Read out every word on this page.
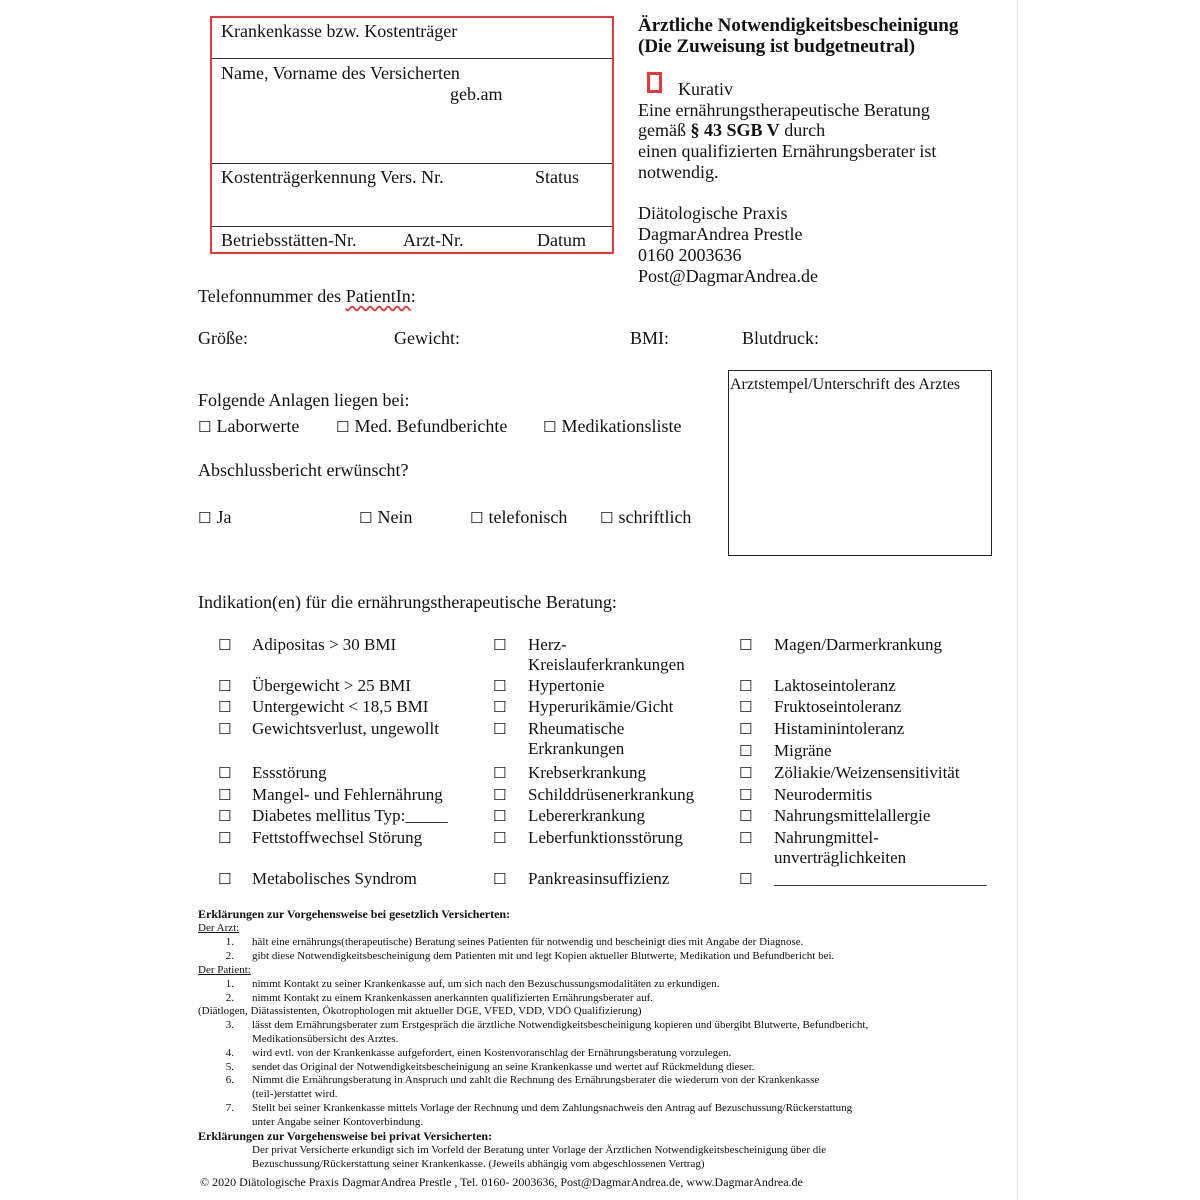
Krankenkasse bzw. Kostenträger
Name, Vorname des Versicherten
geb.am
Kostenträgerkennung Vers. Nr.	Status
Betriebsstätten-Nr.	Arzt-Nr.	Datum
Ärztliche Notwendigkeitsbescheinigung
(Die Zuweisung ist budgetneutral)
Kurativ
Eine ernährungstherapeutische Beratung
gemäß § 43 SGB V durch
einen qualifizierten Ernährungsberater ist
notwendig.
Diätologische Praxis
DagmarAndrea Prestle
0160 2003636
Post@DagmarAndrea.de
Telefonnummer des PatientIn:
Größe:	Gewicht:	BMI:	Blutdruck:
Arztstempel/Unterschrift des Arztes
Folgende Anlagen liegen bei:
☐ Laborwerte ☐ Med. Befundberichte ☐ Medikationsliste
Abschlussbericht erwünscht?
☐ Ja	☐ Nein	☐ telefonisch ☐ schriftlich
Indikation(en) für die ernährungstherapeutische Beratung:
☐ Adipositas > 30 BMI
☐ Übergewicht > 25 BMI
☐ Untergewicht < 18,5 BMI
☐ Gewichtsverlust, ungewollt
☐ Essstörung
☐ Mangel- und Fehlernährung
☐ Diabetes mellitus Typ:_____
☐ Fettstoffwechsel Störung
☐ Metabolisches Syndrom
☐ Herz-
Kreislauferkrankungen
☐ Hypertonie
☐ Hyperurikämie/Gicht
☐ Rheumatische
Erkrankungen
☐ Krebserkrankung
☐ Schilddrüsenerkrankung
☐ Lebererkrankung
☐ Leberfunktionsstörung
☐ Pankreasinsuffizienz
☐ Magen/Darmerkrankung
☐ Laktoseintoleranz
☐ Fruktoseintoleranz
☐ Histaminintoleranz
☐ Migräne
☐ Zöliakie/Weizensensitivität
☐ Neurodermitis
☐ Nahrungsmittelallergie
☐ Nahrungmittel-
unverträglichkeiten
☐ _________________________
Erklärungen zur Vorgehensweise bei gesetzlich Versicherten:
Der Arzt:
1. hält eine ernährungs(therapeutische) Beratung seines Patienten für notwendig und bescheinigt dies mit Angabe der Diagnose.
2. gibt diese Notwendigkeitsbescheinigung dem Patienten mit und legt Kopien aktueller Blutwerte, Medikation und Befundbericht bei.
Der Patient:
1. nimmt Kontakt zu seiner Krankenkasse auf, um sich nach den Bezuschussungsmodalitäten zu erkundigen.
2. nimmt Kontakt zu einem Krankenkassen anerkannten qualifizierten Ernährungsberater auf.
(Diätlogen, Diätassistenten, Ökotrophologen mit aktueller DGE, VFED, VDD, VDÖ Qualifizierung)
3. lässt dem Ernährungsberater zum Erstgespräch die ärztliche Notwendigkeitsbescheinigung kopieren und übergibt Blutwerte, Befundbericht,
Medikationsübersicht des Arztes.
4. wird evtl. von der Krankenkasse aufgefordert, einen Kostenvoranschlag der Ernährungsberatung vorzulegen.
5. sendet das Original der Notwendigkeitsbescheinigung an seine Krankenkasse und wertet auf Rückmeldung dieser.
6. Nimmt die Ernährungsberatung in Anspruch und zahlt die Rechnung des Ernährungsberater die wiederum von der Krankenkasse
(teil-)erstattet wird.
7. Stellt bei seiner Krankenkasse mittels Vorlage der Rechnung und dem Zahlungsnachweis den Antrag auf Bezuschussung/Rückerstattung
unter Angabe seiner Kontoverbindung.
Erklärungen zur Vorgehensweise bei privat Versicherten:
Der privat Versicherte erkundigt sich im Vorfeld der Beratung unter Vorlage der Ärztlichen Notwendigkeitsbescheinigung über die
Bezuschussung/Rückerstattung seiner Krankenkasse. (Jeweils abhängig vom abgeschlossenen Vertrag)
© 2020 Diätologische Praxis DagmarAndrea Prestle , Tel. 0160- 2003636, Post@DagmarAndrea.de, www.DagmarAndrea.de
